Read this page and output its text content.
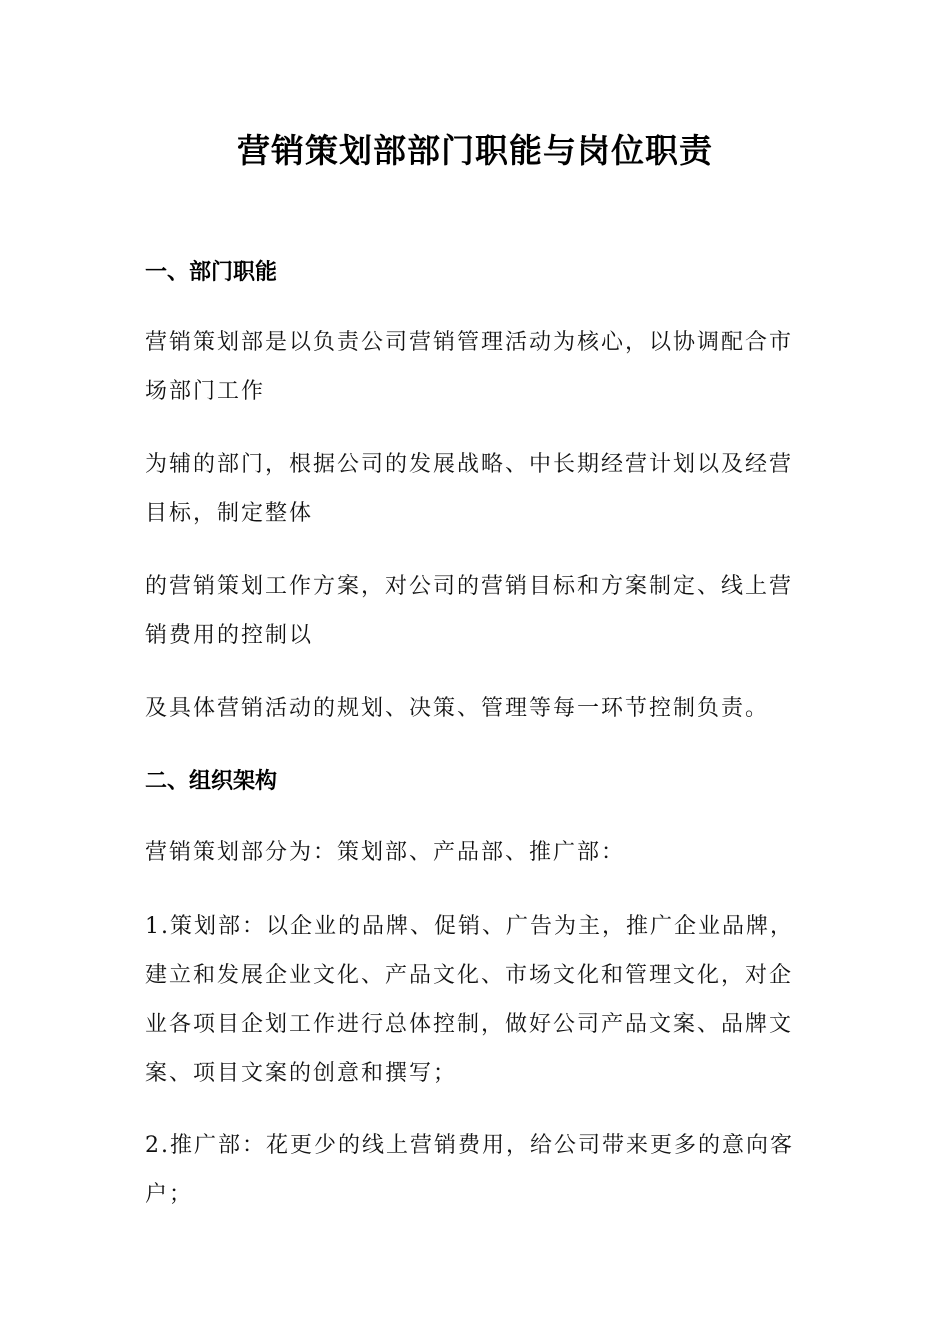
营销策划部部门职能与岗位职责
一、部门职能
营销策划部是以负责公司营销管理活动为核心，以协调配合市场部门工作
为辅的部门，根据公司的发展战略、中长期经营计划以及经营目标，制定整体
的营销策划工作方案，对公司的营销目标和方案制定、线上营销费用的控制以
及具体营销活动的规划、决策、管理等每一环节控制负责。
二、组织架构
营销策划部分为：策划部、产品部、推广部：
1.策划部：以企业的品牌、促销、广告为主，推广企业品牌，建立和发展企业文化、产品文化、市场文化和管理文化，对企业各项目企划工作进行总体控制，做好公司产品文案、品牌文案、项目文案的创意和撰写；
2.推广部：花更少的线上营销费用，给公司带来更多的意向客户；
